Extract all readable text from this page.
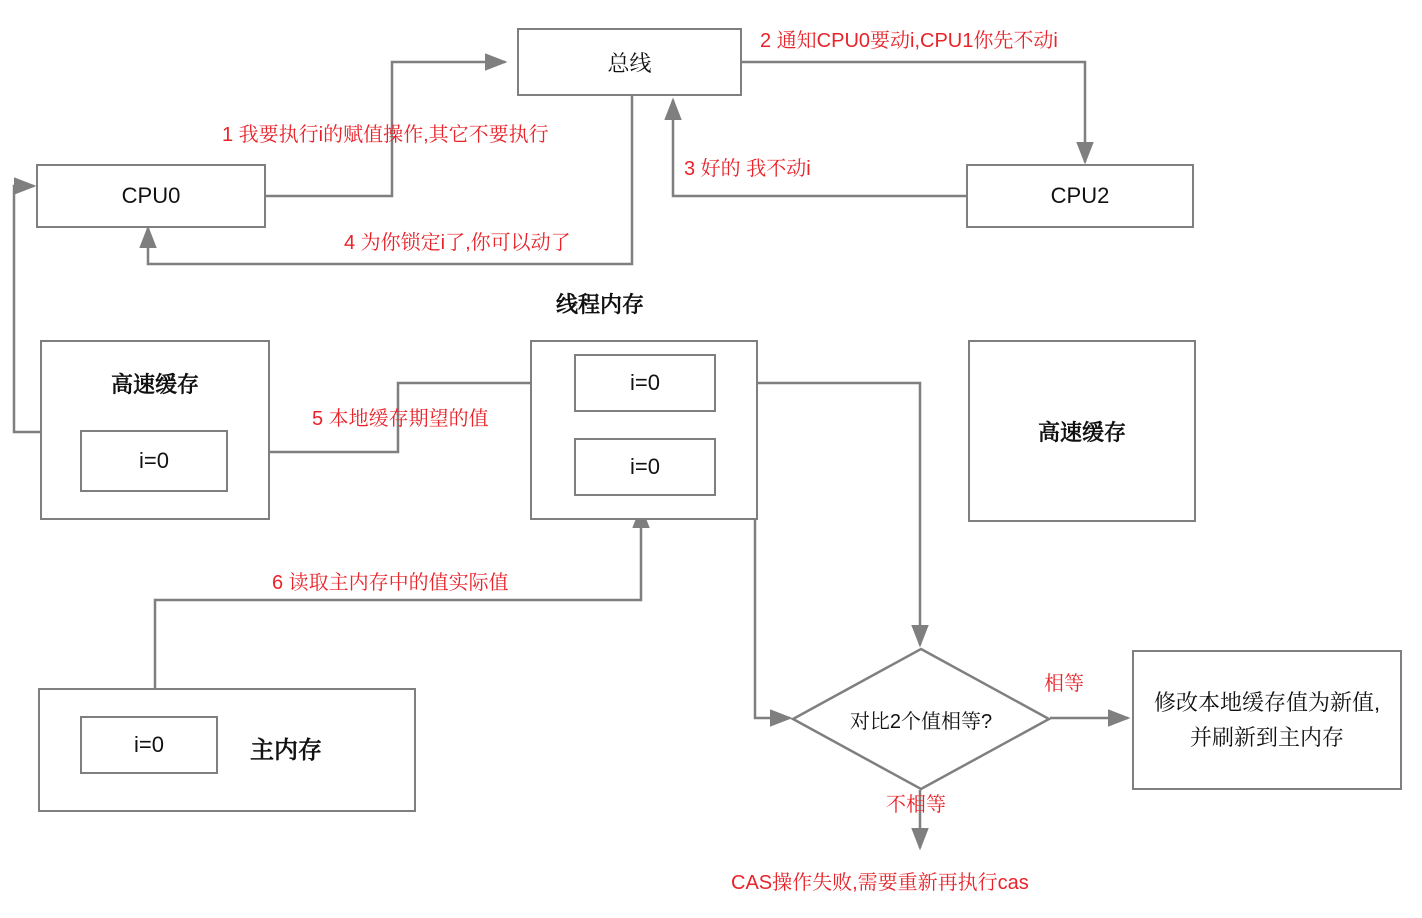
总线
CPU0	CPU2
线程内存
高速缓存
i=0
i=0
i=0
高速缓存
i=0	主内存
对比2个值相等?
修改本地缓存值为新值,
并刷新到主内存
1 我要执行i的赋值操作,其它不要执行
2 通知CPU0要动i,CPU1你先不动i
3 好的 我不动i
4 为你锁定i了,你可以动了
5 本地缓存期望的值
6 读取主内存中的值实际值
相等
不相等
CAS操作失败,需要重新再执行cas
